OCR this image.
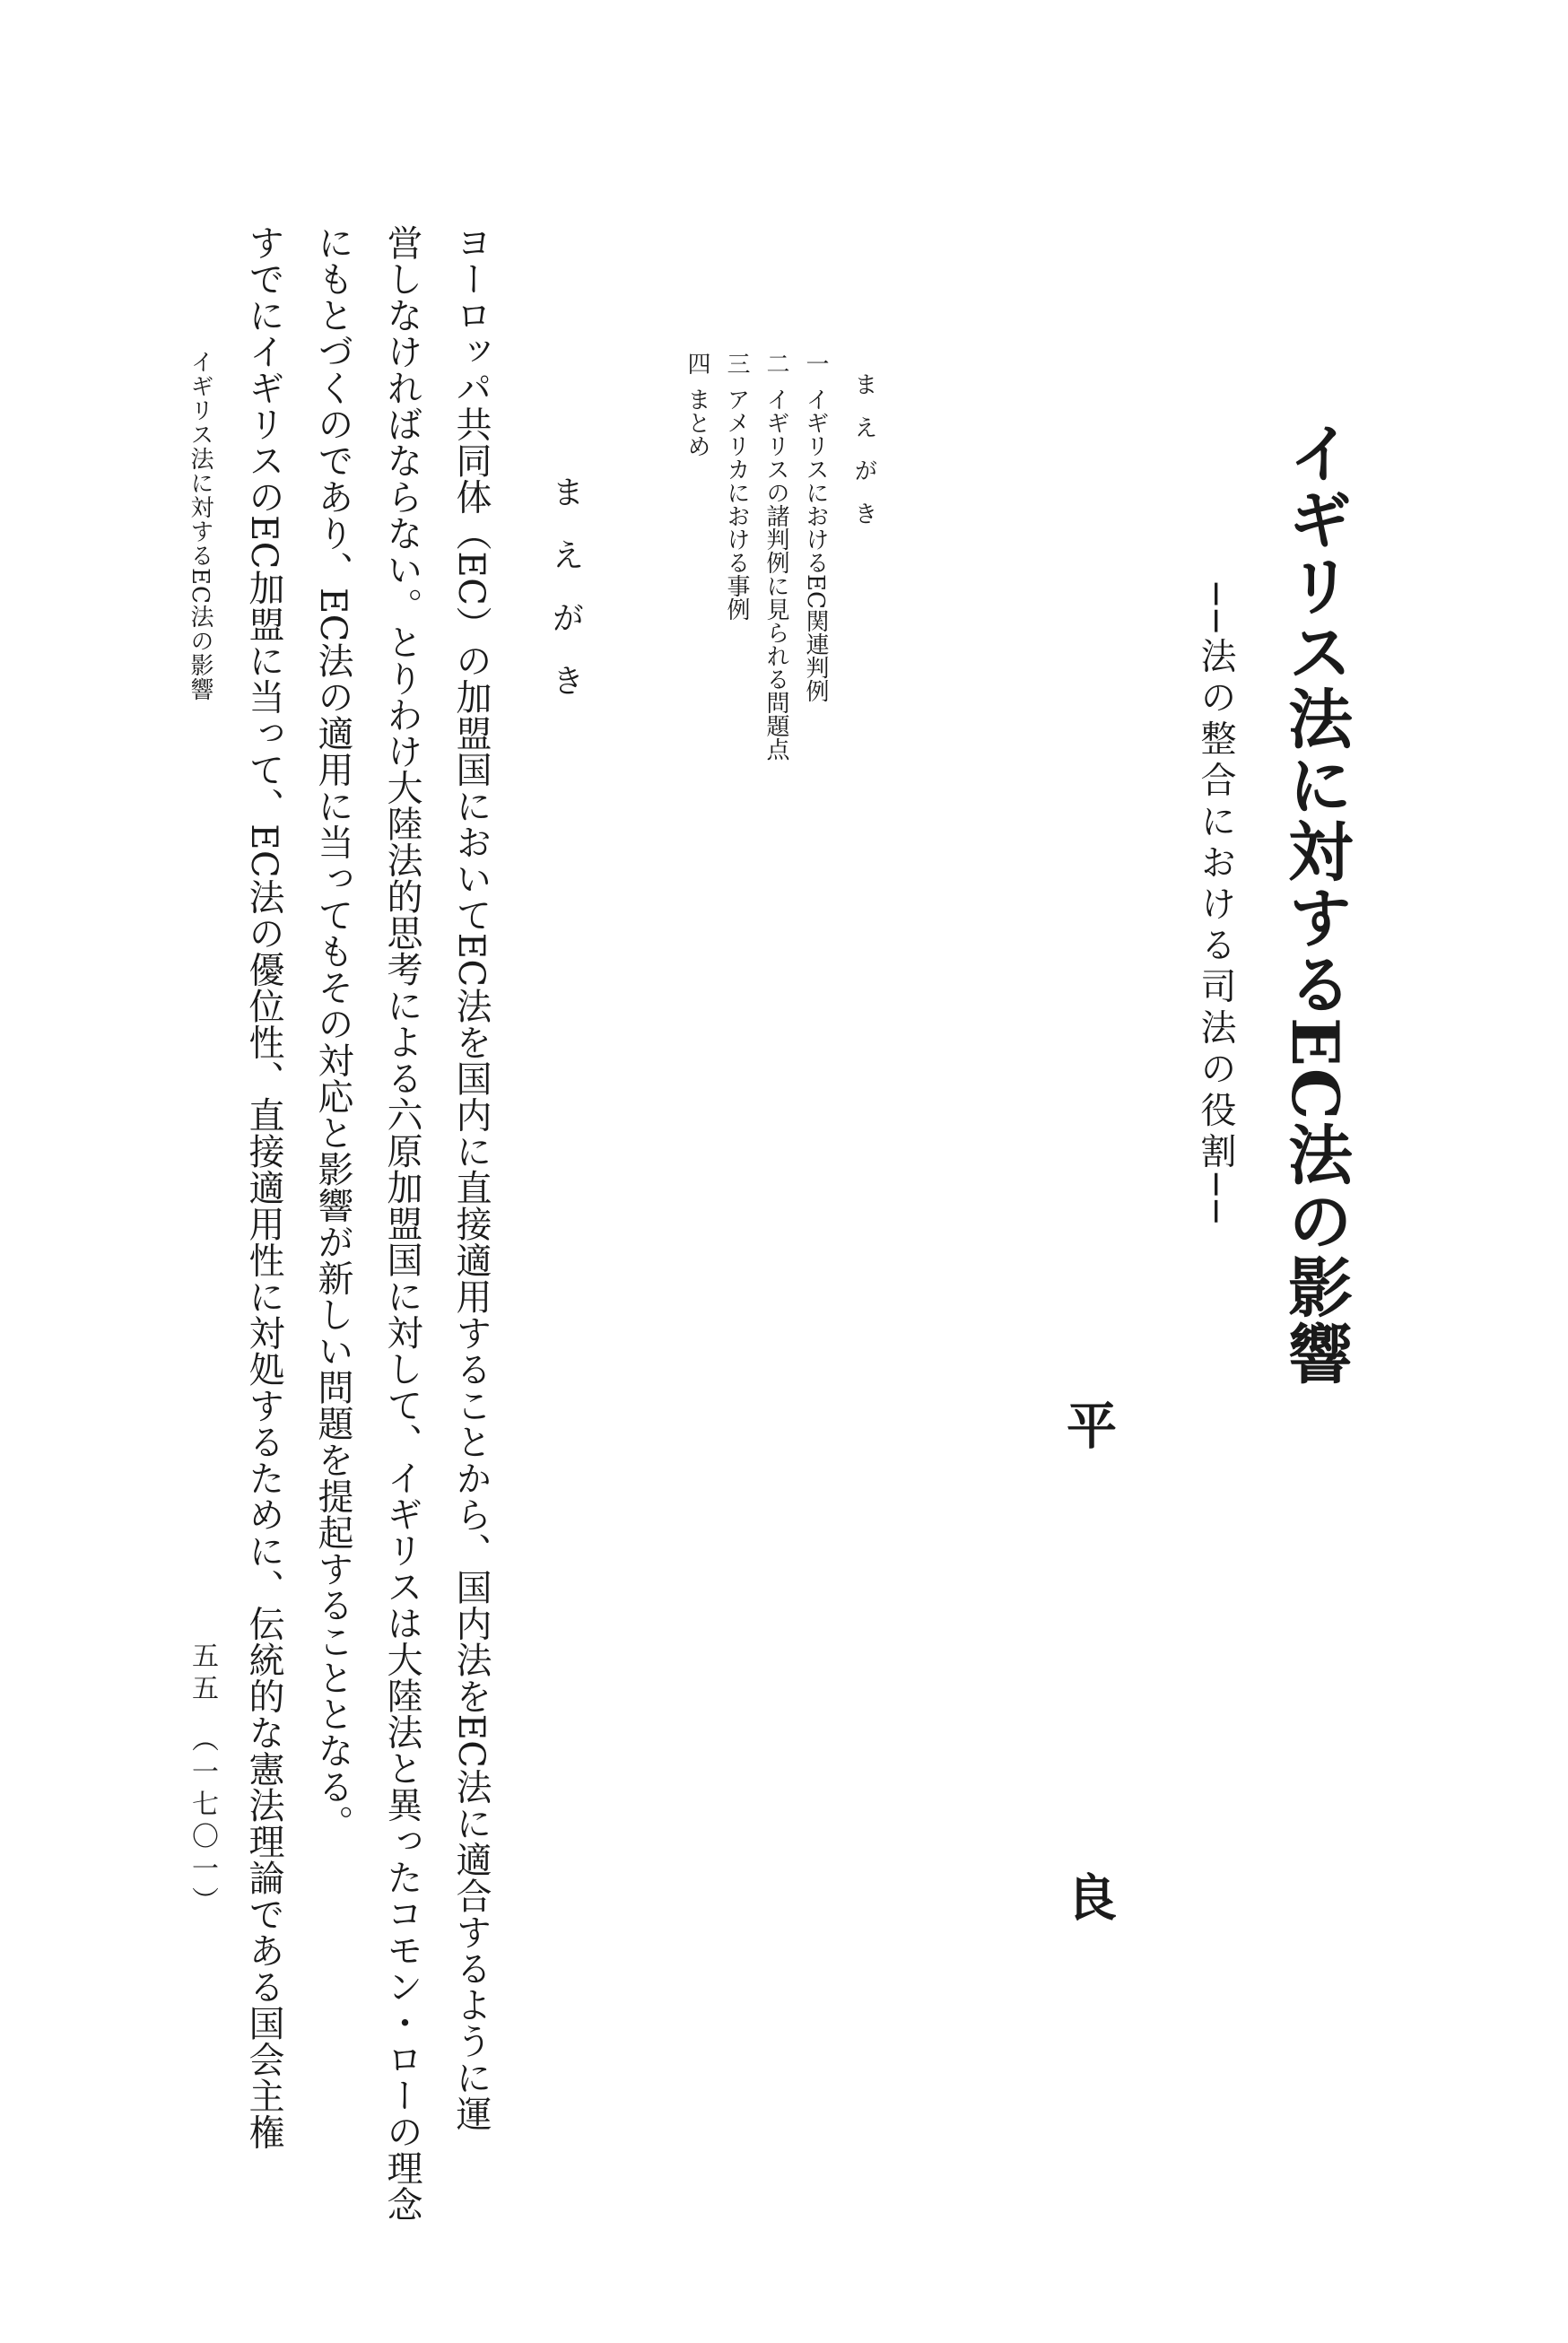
イギリス法に対するEC法の影響
──法の整合における司法の役割──
平良
まえがき
一イギリスにおけるEC関連判例
二イギリスの諸判例に見られる問題点
三アメリカにおける事例
四まとめ
まえがき
ヨーロッパ共同体（EC）の加盟国においてEC法を国内に直接適用することから、国内法をEC法に適合するように運
営しなければならない。とりわけ大陸法的思考による六原加盟国に対して、イギリスは大陸法と異ったコモン・ローの理念
にもとづくのであり、EC法の適用に当ってもその対応と影響が新しい問題を提起することとなる。
すでにイギリスのEC加盟に当って、EC法の優位性、直接適用性に対処するために、伝統的な憲法理論である国会主権
イギリス法に対するEC法の影響
五五　（一七〇一）
